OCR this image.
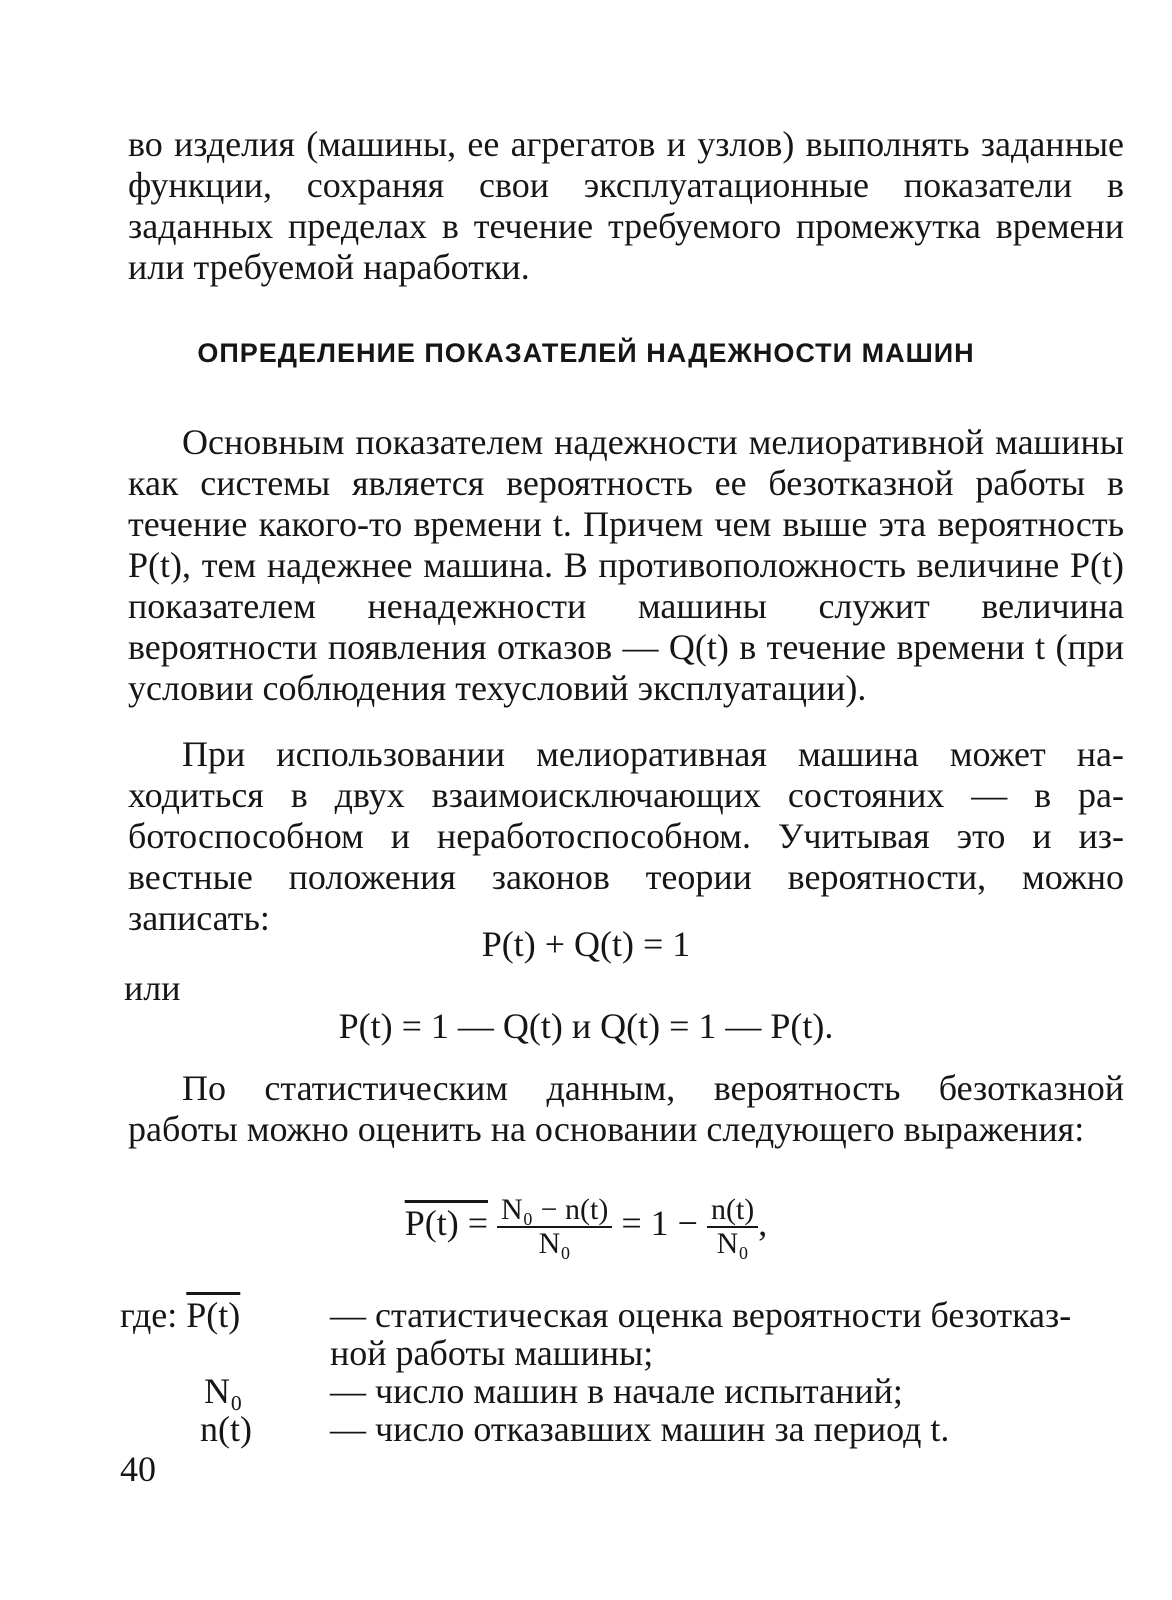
во изделия (машины, ее агрегатов и узлов) выполнять заданные функции, сохраняя свои эксплуатационные показатели в заданных пределах в течение требуемого промежутка времени или требуемой наработки.

ОПРЕДЕЛЕНИЕ ПОКАЗАТЕЛЕЙ НАДЕЖНОСТИ МАШИН

Основным показателем надежности мелиоративной машины как системы является вероятность ее безотказной работы в течение какого-то времени t. Причем чем выше эта вероятность P(t), тем надежнее машина. В противоположность величине P(t) показателем ненадежности машины служит величина вероятности появления отказов — Q(t) в течение времени t (при условии соблюдения техусловий эксплуатации).

При использовании мелиоративная машина может находиться в двух взаимоисключающих состояних — в работоспособном и неработоспособном. Учитывая это и известные положения законов теории вероятности, можно записать:

P(t) + Q(t) = 1
или
P(t) = 1 — Q(t) и Q(t) = 1 — P(t).

По статистическим данным, вероятность безотказной работы можно оценить на основании следующего выражения:

$P(t) = \frac{\text{N₀ − n(t)}}{\text{N₀}} = 1 - \frac{n(t)}{\text{N₀}}$ ,
где: P(t)	— статистическая оценка вероятности безотказ-
ной работы машины;
N₀	— число машин в начале испытаний;
n(t)	— число отказавших машин за период t.
40
